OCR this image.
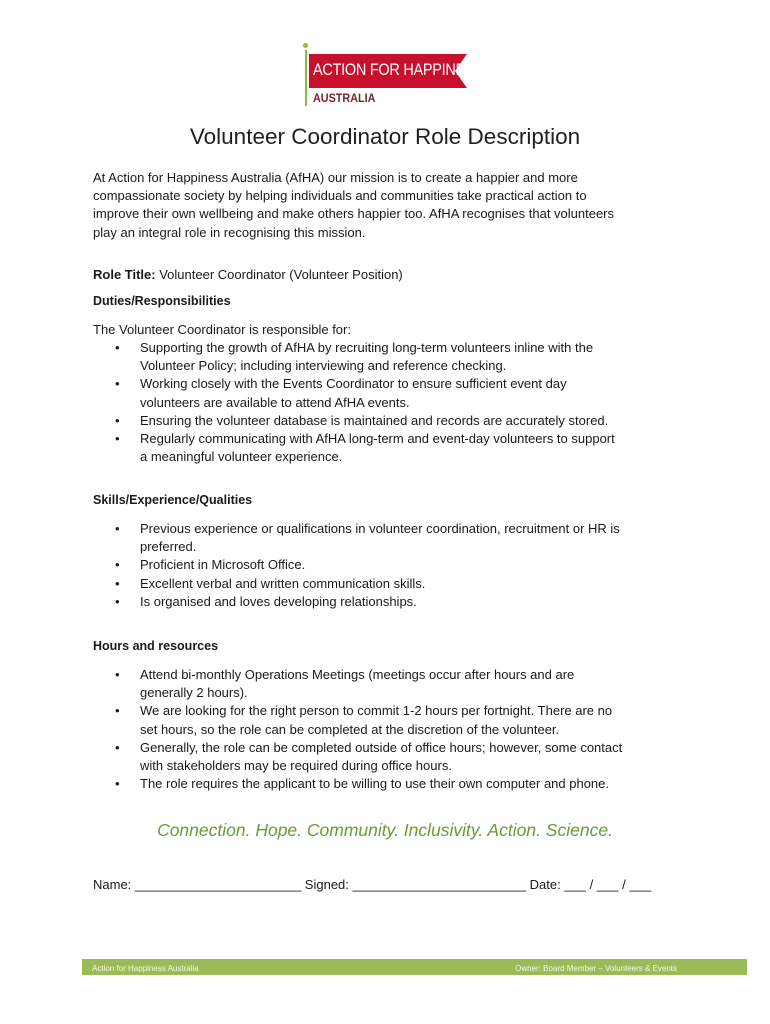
ACTION FOR HAPPINESS
AUSTRALIA
Volunteer Coordinator Role Description
At Action for Happiness Australia (AfHA) our mission is to create a happier and more
compassionate society by helping individuals and communities take practical action to
improve their own wellbeing and make others happier too. AfHA recognises that volunteers
play an integral role in recognising this mission.
Role Title: Volunteer Coordinator (Volunteer Position)
Duties/Responsibilities
The Volunteer Coordinator is responsible for:
• Supporting the growth of AfHA by recruiting long-term volunteers inline with the
Volunteer Policy; including interviewing and reference checking.
• Working closely with the Events Coordinator to ensure sufficient event day
volunteers are available to attend AfHA events.
• Ensuring the volunteer database is maintained and records are accurately stored.
• Regularly communicating with AfHA long-term and event-day volunteers to support
a meaningful volunteer experience.
Skills/Experience/Qualities
• Previous experience or qualifications in volunteer coordination, recruitment or HR is
preferred.
• Proficient in Microsoft Office.
• Excellent verbal and written communication skills.
• Is organised and loves developing relationships.
Hours and resources
• Attend bi-monthly Operations Meetings (meetings occur after hours and are
generally 2 hours).
• We are looking for the right person to commit 1-2 hours per fortnight. There are no
set hours, so the role can be completed at the discretion of the volunteer.
• Generally, the role can be completed outside of office hours; however, some contact
with stakeholders may be required during office hours.
• The role requires the applicant to be willing to use their own computer and phone.
Connection. Hope. Community. Inclusivity. Action. Science.
Name: _______________________ Signed: ________________________ Date: ___ / ___ / ___
Action for Happiness Australia	Owner: Board Member – Volunteers & Events
